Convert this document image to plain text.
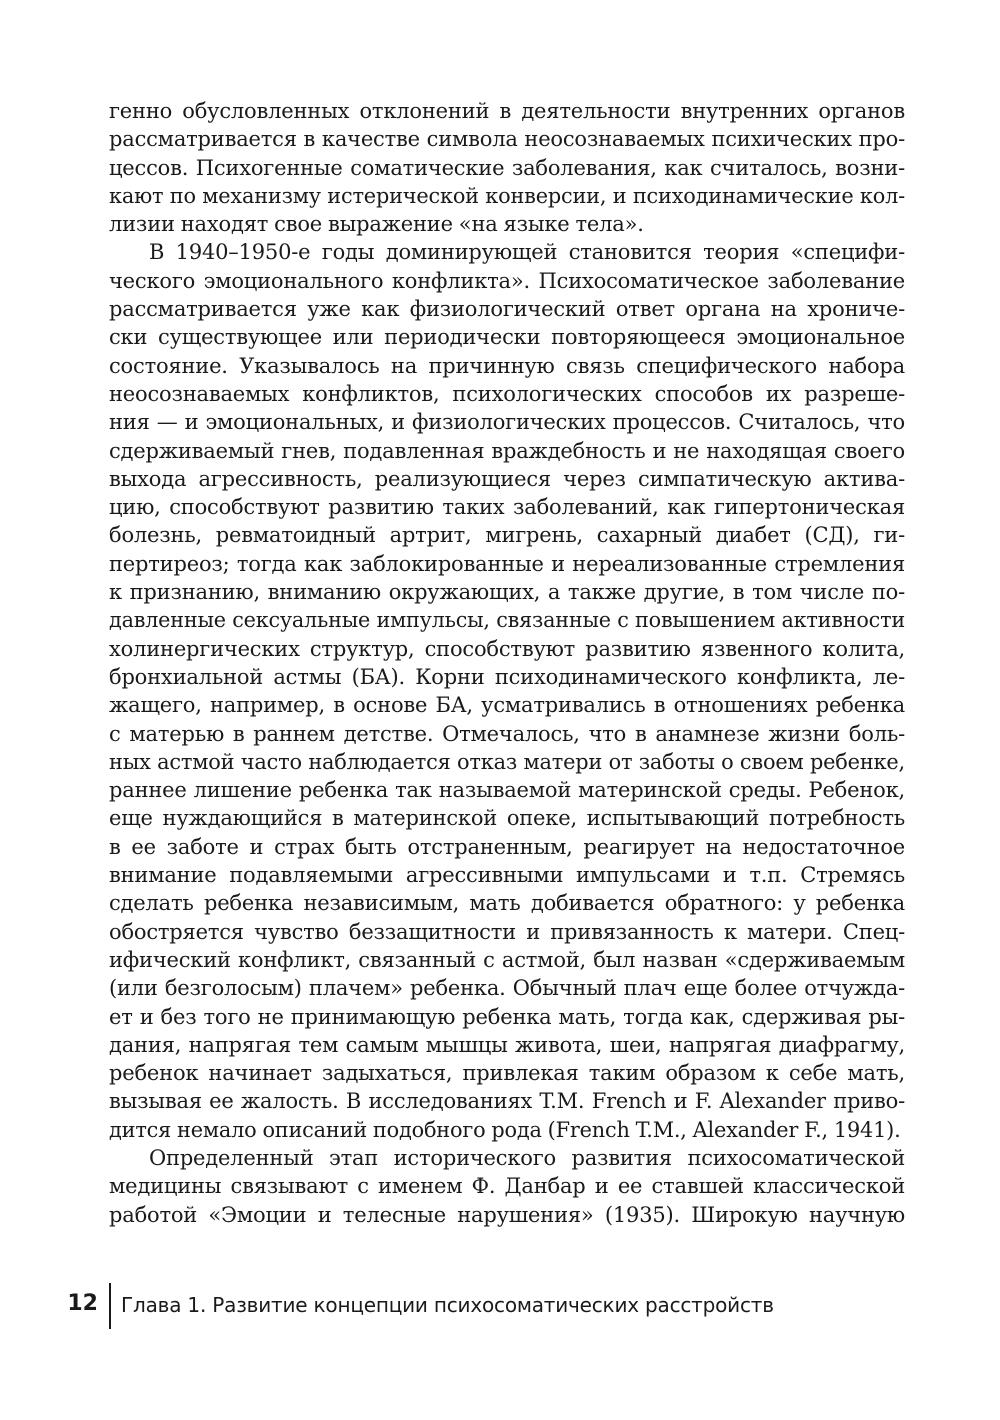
генно обусловленных отклонений в деятельности внутренних органов
рассматривается в качестве символа неосознаваемых психических про-
цессов. Психогенные соматические заболевания, как считалось, возни-
кают по механизму истерической конверсии, и психодинамические кол-
лизии находят свое выражение «на языке тела».

В 1940–1950-е годы доминирующей становится теория «специфи-
ческого эмоционального конфликта». Психосоматическое заболевание
рассматривается уже как физиологический ответ органа на хрониче-
ски существующее или периодически повторяющееся эмоциональное
состояние. Указывалось на причинную связь специфического набора
неосознаваемых конфликтов, психологических способов их разреше-
ния — и эмоциональных, и физиологических процессов. Считалось, что
сдерживаемый гнев, подавленная враждебность и не находящая своего
выхода агрессивность, реализующиеся через симпатическую актива-
цию, способствуют развитию таких заболеваний, как гипертоническая
болезнь, ревматоидный артрит, мигрень, сахарный диабет (СД), ги-
пертиреоз; тогда как заблокированные и нереализованные стремления
к признанию, вниманию окружающих, а также другие, в том числе по-
давленные сексуальные импульсы, связанные с повышением активности
холинергических структур, способствуют развитию язвенного колита,
бронхиальной астмы (БА). Корни психодинамического конфликта, ле-
жащего, например, в основе БА, усматривались в отношениях ребенка
с матерью в раннем детстве. Отмечалось, что в анамнезе жизни боль-
ных астмой часто наблюдается отказ матери от заботы о своем ребенке,
раннее лишение ребенка так называемой материнской среды. Ребенок,
еще нуждающийся в материнской опеке, испытывающий потребность
в ее заботе и страх быть отстраненным, реагирует на недостаточное
внимание подавляемыми агрессивными импульсами и т.п. Стремясь
сделать ребенка независимым, мать добивается обратного: у ребенка
обостряется чувство беззащитности и привязанность к матери. Спец-
ифический конфликт, связанный с астмой, был назван «сдерживаемым
(или безголосым) плачем» ребенка. Обычный плач еще более отчуждa-
ет и без того не принимающую ребенка мать, тогда как, сдерживая ры-
дания, напрягая тем самым мышцы живота, шеи, напрягая диафрагму,
ребенок начинает задыхаться, привлекая таким образом к себе мать,
вызывая ее жалость. В исследованиях T.M. French и F. Alexander приво-
дится немало описаний подобного рода (French T.M., Alexander F., 1941).

Определенный этап исторического развития психосоматической
медицины связывают с именем Ф. Данбар и ее ставшей классической
работой «Эмоции и телесные нарушения» (1935). Широкую научную

12 Глава 1. Развитие концепции психосоматических расстройств
